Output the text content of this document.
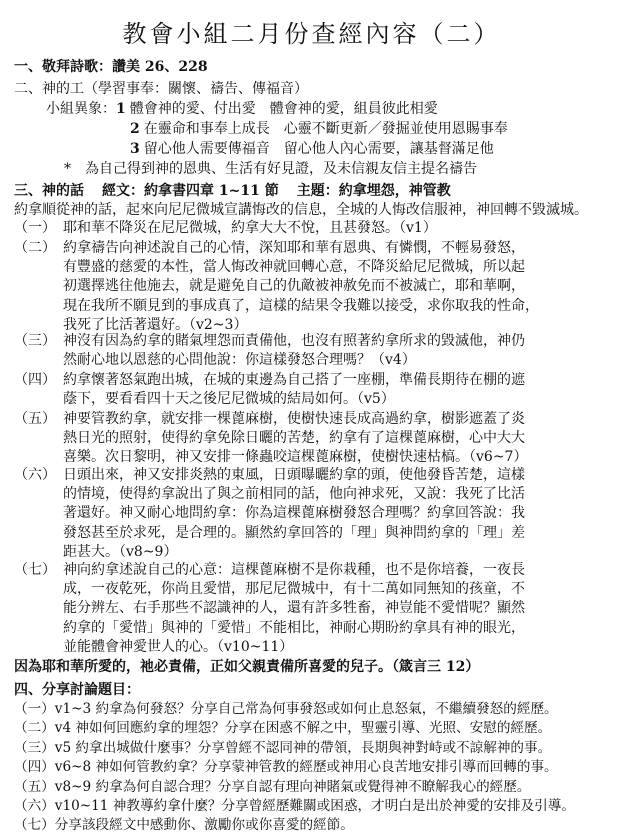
教會小組二月份查經內容（二）
一、敬拜詩歌：讚美 26、228
二、神的工（學習事奉：關懷、禱告、傳福音）
小組異象：1 體會神的愛、付出愛 體會神的愛，組員彼此相愛
2 在靈命和事奉上成長 心靈不斷更新／發掘並使用恩賜事奉
3 留心他人需要傳福音 留心他人內心需要，讓基督滿足他
*　為自己得到神的恩典、生活有好見證，及未信親友信主提名禱告
三、神的話 經文：約拿書四章 1~11 節 主題：約拿埋怨，神管教
約拿順從神的話，起來向尼尼微城宣講悔改的信息，全城的人悔改信服神，神回轉不毀滅城。
（一） 耶和華不降災在尼尼微城，約拿大大不悅，且甚發怒。（v1）
（二） 約拿禱告向神述說自己的心情，深知耶和華有恩典、有憐憫，不輕易發怒，
有豐盛的慈愛的本性，當人悔改神就回轉心意，不降災給尼尼微城，所以起
初選擇逃往他施去，就是避免自己的仇敵被神赦免而不被滅亡，耶和華啊，
現在我所不願見到的事成真了，這樣的結果令我難以接受，求你取我的性命，
我死了比活著還好。（v2~3）
（三） 神沒有因為約拿的賭氣埋怨而責備他，也沒有照著約拿所求的毀滅他，神仍
然耐心地以恩慈的心問他說：你這樣發怒合理嗎？（v4）
（四） 約拿懷著怒氣跑出城，在城的東邊為自己搭了一座棚，準備長期待在棚的遮
蔭下，要看看四十天之後尼尼微城的結局如何。（v5）
（五） 神要管教約拿，就安排一棵蓖麻樹，使樹快速長成高過約拿，樹影遮蓋了炎
熱日光的照射，使得約拿免除日曬的苦楚，約拿有了這棵蓖麻樹，心中大大
喜樂。次日黎明，神又安排一條蟲咬這棵蓖麻樹，使樹快速枯槁。（v6~7）
（六） 日頭出來，神又安排炎熱的東風，日頭曝曬約拿的頭，使他發昏苦楚，這樣
的情境，使得約拿說出了與之前相同的話，他向神求死，又說：我死了比活
著還好。神又耐心地問約拿：你為這棵蓖麻樹發怒合理嗎？約拿回答說：我
發怒甚至於求死，是合理的。顯然約拿回答的「理」與神問約拿的「理」差
距甚大。（v8~9）
（七） 神向約拿述說自己的心意：這棵蓖麻樹不是你栽種，也不是你培養，一夜長
成，一夜乾死，你尚且愛惜，那尼尼微城中，有十二萬如同無知的孩童，不
能分辨左、右手那些不認識神的人，還有許多牲畜，神豈能不愛惜呢？顯然
約拿的「愛惜」與神的「愛惜」不能相比，神耐心期盼約拿具有神的眼光，
並能體會神愛世人的心。（v10~11）
因為耶和華所愛的，祂必責備，正如父親責備所喜愛的兒子。（箴言三 12）
四、分享討論題目：
（一）v1~3 約拿為何發怒？分享自己常為何事發怒或如何止息怒氣，不繼續發怒的經歷。
（二）v4 神如何回應約拿的埋怨？分享在困惑不解之中，聖靈引導、光照、安慰的經歷。
（三）v5 約拿出城做什麼事？分享曾經不認同神的帶領，長期與神對峙或不諒解神的事。
（四）v6~8 神如何管教約拿？分享蒙神管教的經歷或神用心良苦地安排引導而回轉的事。
（五）v8~9 約拿為何自認合理？分享自認有理向神賭氣或覺得神不瞭解我心的經歷。
（六）v10~11 神教導約拿什麼？分享曾經歷難關或困惑，才明白是出於神愛的安排及引導。
（七）分享該段經文中感動你、激勵你或你喜愛的經節。
